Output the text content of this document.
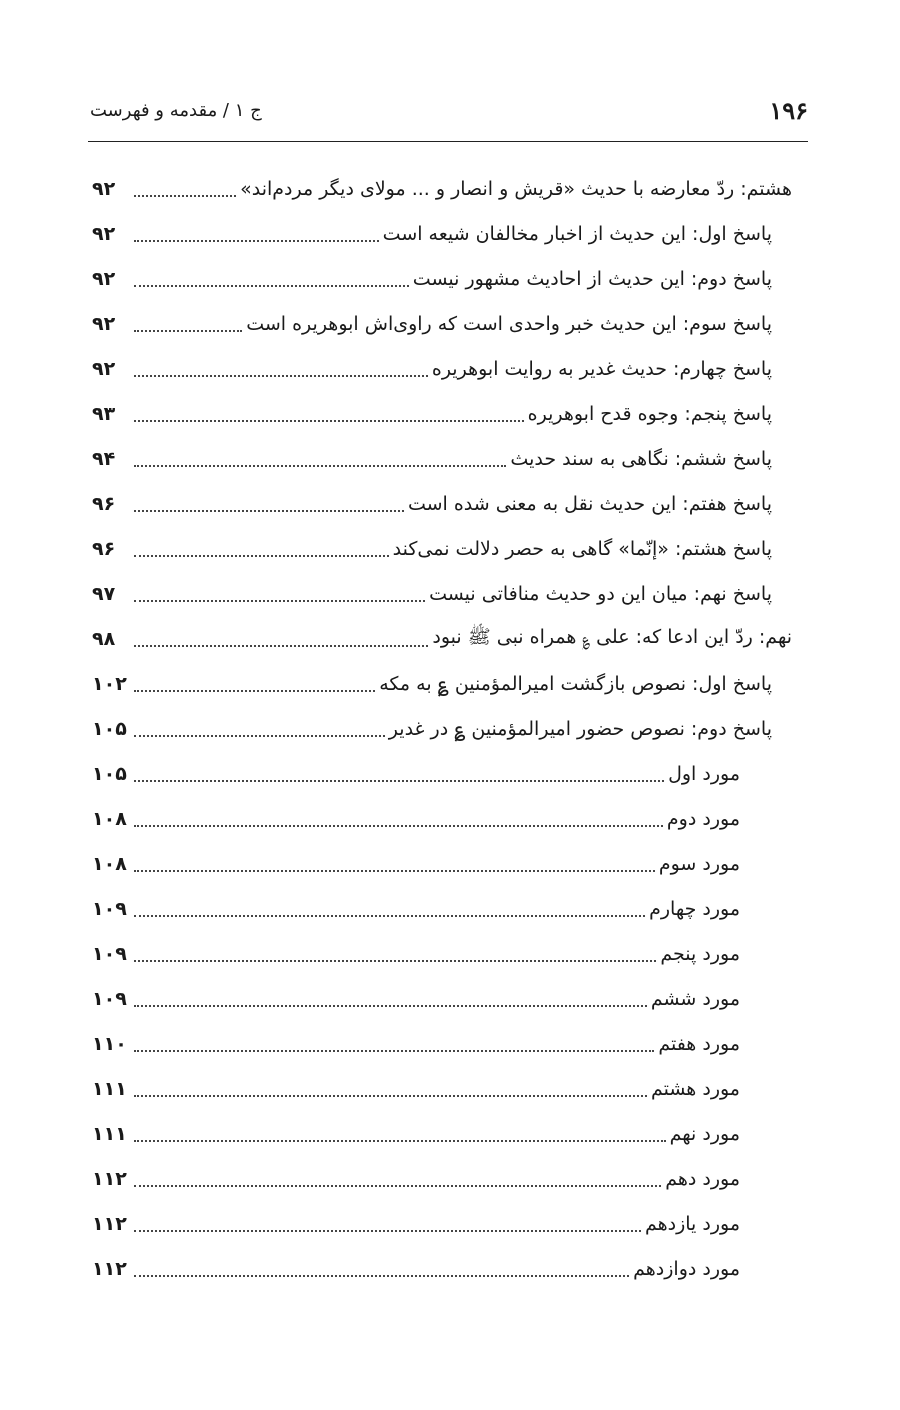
۱۹۶
ج ۱ / مقدمه و فهرست
هشتم: ردّ معارضه با حدیث «قریش و انصار و ... مولای دیگر مردم‌اند»
۹۲
پاسخ اول: این حدیث از اخبار مخالفان شیعه است
۹۲
پاسخ دوم: این حدیث از احادیث مشهور نیست
۹۲
پاسخ سوم: این حدیث خبر واحدی است که راوی‌اش ابوهریره است
۹۲
پاسخ چهارم: حدیث غدیر به روایت ابوهریره
۹۲
پاسخ پنجم: وجوه قدح ابوهریره
۹۳
پاسخ ششم: نگاهی به سند حدیث
۹۴
پاسخ هفتم: این حدیث نقل به معنی شده است
۹۶
پاسخ هشتم: «إنّما» گاهی به حصر دلالت نمی‌کند
۹۶
پاسخ نهم: میان این دو حدیث منافاتی نیست
۹۷
نهم: ردّ این ادعا که: علی ؏ همراه نبی ﷺ نبود
۹۸
پاسخ اول: نصوص بازگشت امیرالمؤمنین ؏ به مکه
۱۰۲
پاسخ دوم: نصوص حضور امیرالمؤمنین ؏ در غدیر
۱۰۵
مورد اول
۱۰۵
مورد دوم
۱۰۸
مورد سوم
۱۰۸
مورد چهارم
۱۰۹
مورد پنجم
۱۰۹
مورد ششم
۱۰۹
مورد هفتم
۱۱۰
مورد هشتم
۱۱۱
مورد نهم
۱۱۱
مورد دهم
۱۱۲
مورد یازدهم
۱۱۲
مورد دوازدهم
۱۱۲
